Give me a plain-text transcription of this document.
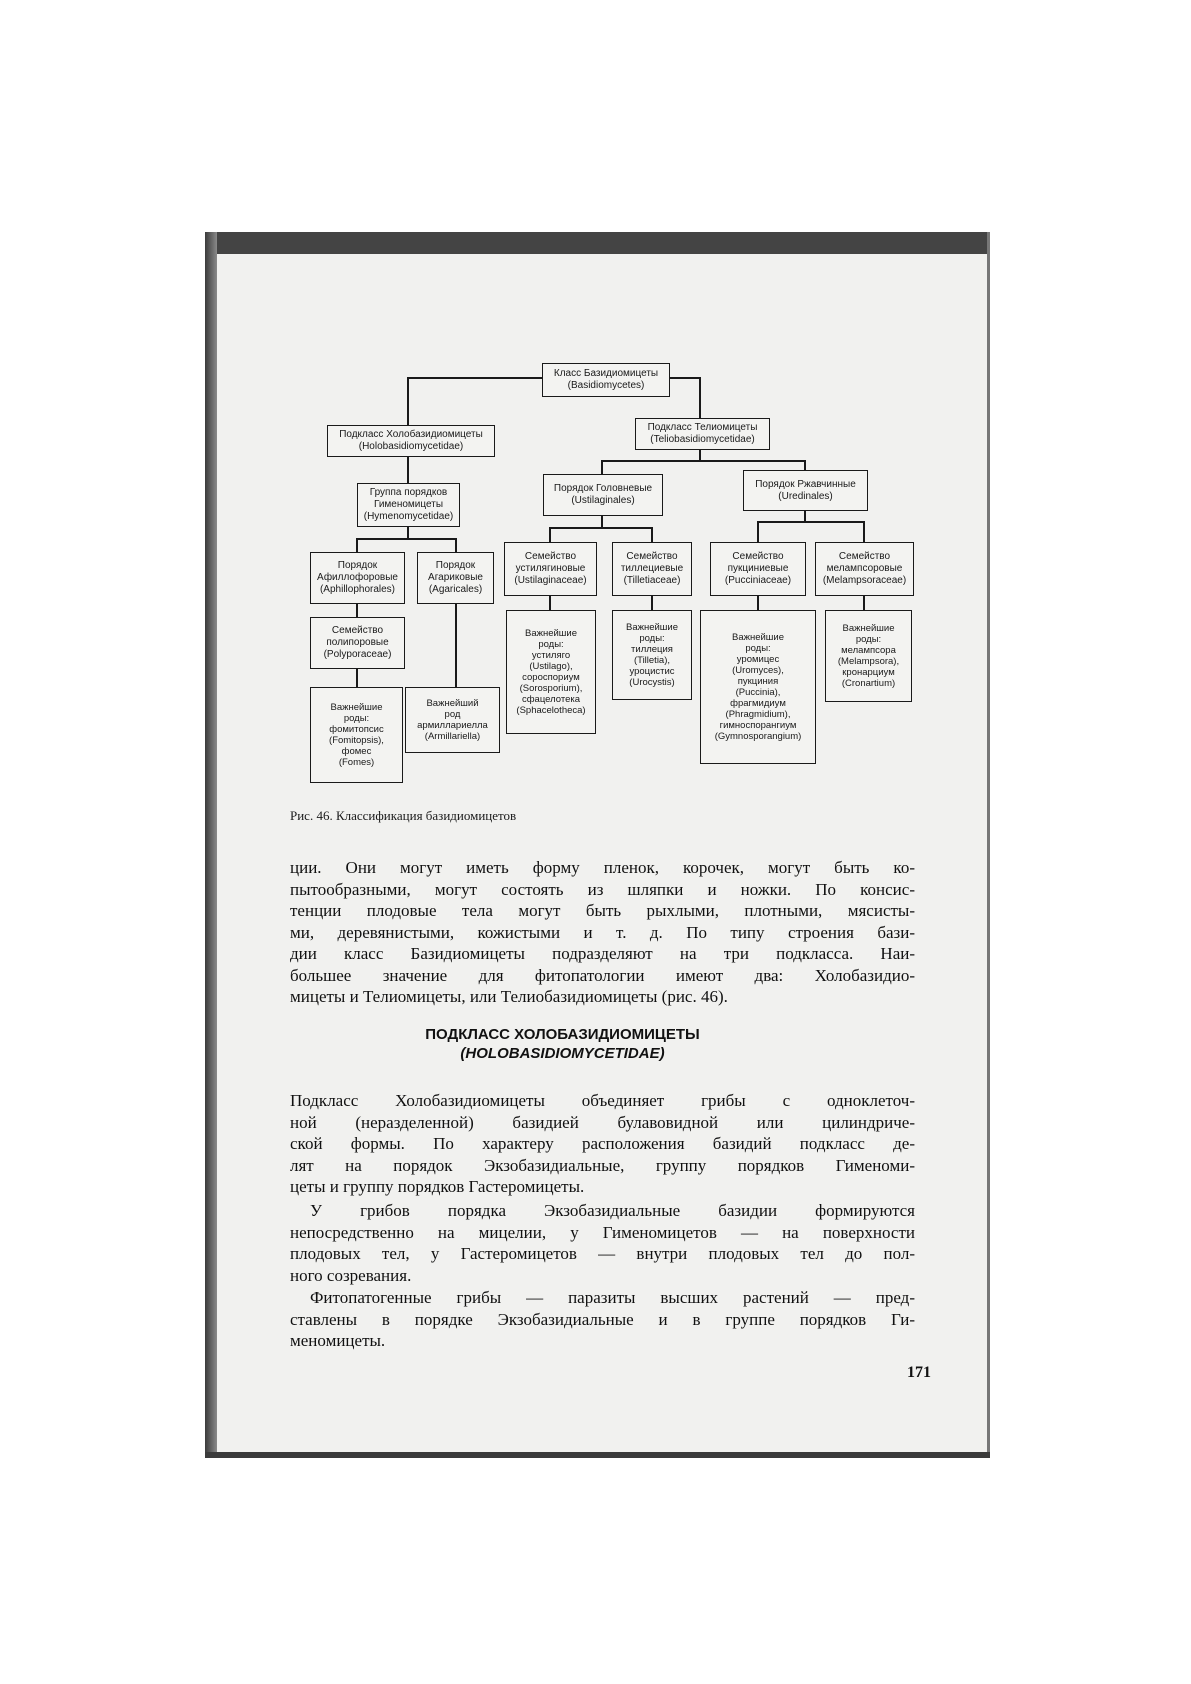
Класс Базидиомицеты
(Basidiomycetes)
Подкласс Холобазидиомицеты
(Holobasidiomycetidae)
Подкласс Телиомицеты
(Teliobasidiomycetidae)
Группа порядков
Гименомицеты
(Hymenomycetidae)
Порядок Головневые
(Ustilaginales)
Порядок Ржавчинные
(Uredinales)
Порядок
Афиллофоровые
(Aphillophorales)
Порядок
Агариковые
(Agaricales)
Семейство
устилягиновые
(Ustilaginaceae)
Семейство
тиллециевые
(Tilletiaceae)
Семейство
пукциниевые
(Pucciniaceae)
Семейство
мелампсоровые
(Melampsoraceae)
Семейство
полипоровые
(Polyporaceae)
Важнейшие
роды:
устиляго
(Ustilago),
сороспориум
(Sorosporium),
сфацелотека
(Sphacelotheca)
Важнейшие
роды:
тиллеция
(Tilletia),
уроцистис
(Urocystis)
Важнейшие
роды:
уромицес
(Uromyces),
пукциния
(Puccinia),
фрагмидиум
(Phragmidium),
гимноспорангиум
(Gymnosporangium)
Важнейшие
роды:
мелампсора
(Melampsora),
кронарциум
(Cronartium)
Важнейшие
роды:
фомитопсис
(Fomitopsis),
фомес
(Fomes)
Важнейший
род
армиллариелла
(Armillariella)
Рис. 46. Классификация базидиомицетов
ции. Они могут иметь форму пленок, корочек, могут быть ко-
пытообразными, могут состоять из шляпки и ножки. По консис-
тенции плодовые тела могут быть рыхлыми, плотными, мясисты-
ми, деревянистыми, кожистыми и т. д. По типу строения бази-
дии класс Базидиомицеты подразделяют на три подкласса. Наи-
большее значение для фитопатологии имеют два: Холобазидио-
мицеты и Телиомицеты, или Телиобазидиомицеты (рис. 46).
ПОДКЛАСС ХОЛОБАЗИДИОМИЦЕТЫ
(HOLOBASIDIOMYCETIDAE)
Подкласс Холобазидиомицеты объединяет грибы с одноклеточ-
ной (неразделенной) базидией булавовидной или цилиндриче-
ской формы. По характеру расположения базидий подкласс де-
лят на порядок Экзобазидиальные, группу порядков Гименоми-
цеты и группу порядков Гастеромицеты.
У грибов порядка Экзобазидиальные базидии формируются
непосредственно на мицелии, у Гименомицетов — на поверхности
плодовых тел, у Гастеромицетов — внутри плодовых тел до пол-
ного созревания.
Фитопатогенные грибы — паразиты высших растений — пред-
ставлены в порядке Экзобазидиальные и в группе порядков Ги-
меномицеты.
171
